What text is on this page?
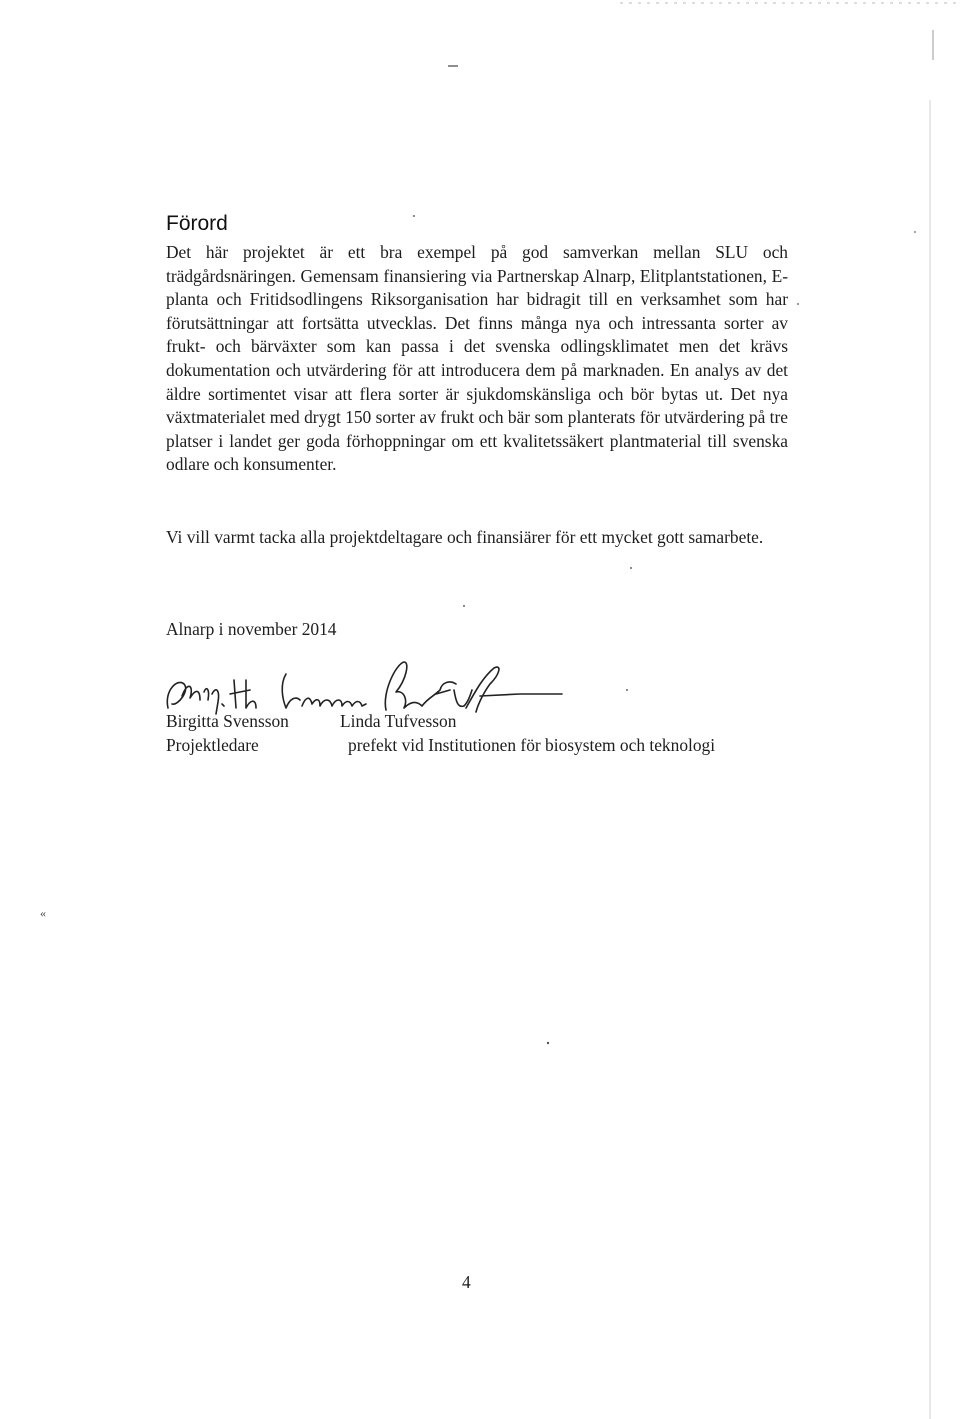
«
Förord
Det här projektet är ett bra exempel på god samverkan mellan SLU och trädgårdsnäringen. Gemensam finansiering via Partnerskap Alnarp, Elitplantstationen, E-planta och Fritidsodlingens Riksorganisation har bidragit till en verksamhet som har förutsättningar att fortsätta utvecklas. Det finns många nya och intressanta sorter av frukt- och bärväxter som kan passa i det svenska odlingsklimatet men det krävs dokumentation och utvärdering för att introducera dem på marknaden. En analys av det äldre sortimentet visar att flera sorter är sjukdomskänsliga och bör bytas ut. Det nya växtmaterialet med drygt 150 sorter av frukt och bär som planterats för utvärdering på tre platser i landet ger goda förhoppningar om ett kvalitetssäkert plantmaterial till svenska odlare och konsumenter.
Vi vill varmt tacka alla projektdeltagare och finansiärer för ett mycket gott samarbete.
Alnarp i november 2014
Birgitta Svensson
Projektledare
Linda Tufvesson
prefekt vid Institutionen för biosystem och teknologi
4
